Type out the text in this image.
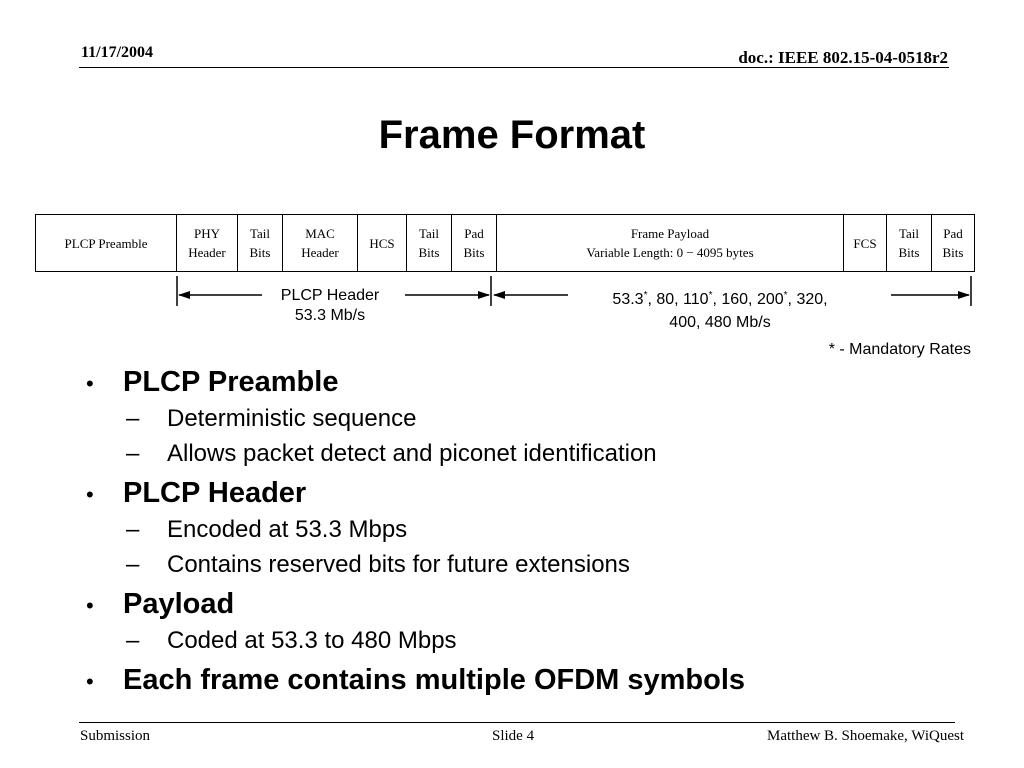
11/17/2004	doc.: IEEE 802.15-04-0518r2
Frame Format
PLCP Preamble
PHY
Header
Tail
Bits
MAC
Header
HCS
Tail
Bits
Pad
Bits
Frame Payload
Variable Length: 0 − 4095 bytes
FCS
Tail
Bits
Pad
Bits
PLCP Header
53.3 Mb/s
53.3*, 80, 110*, 160, 200*, 320,
400, 480 Mb/s
* - Mandatory Rates
•	PLCP Preamble
–	Deterministic sequence
–	Allows packet detect and piconet identification
•	PLCP Header
–	Encoded at 53.3 Mbps
–	Contains reserved bits for future extensions
•	Payload
–	Coded at 53.3 to 480 Mbps
•	Each frame contains multiple OFDM symbols
Submission	Slide 4	Matthew B. Shoemake, WiQuest
